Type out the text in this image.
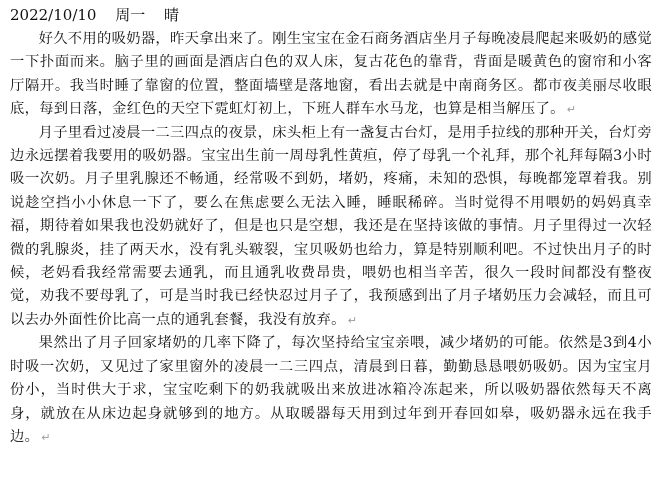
2022/10/10 周一 晴

好久不用的吸奶器，昨天拿出来了。刚生宝宝在金石商务酒店坐月子每晚凌晨爬起来吸奶的感觉一下扑面而来。脑子里的画面是酒店白色的双人床，复古花色的靠背，背面是暖黄色的窗帘和小客厅隔开。我当时睡了靠窗的位置，整面墙壁是落地窗，看出去就是中南商务区。都市夜美丽尽收眼底，每到日落，金红色的天空下霓虹灯初上，下班人群车水马龙，也算是相当解压了。 ↵

月子里看过凌晨一二三四点的夜景，床头柜上有一盏复古台灯，是用手拉线的那种开关，台灯旁边永远摆着我要用的吸奶器。宝宝出生前一周母乳性黄疸，停了母乳一个礼拜，那个礼拜每隔3小时吸一次奶。月子里乳腺还不畅通，经常吸不到奶，堵奶，疼痛，未知的恐惧，每晚都笼罩着我。别说趁空挡小小休息一下了，要么在焦虑要么无法入睡，睡眠稀碎。当时觉得不用喂奶的妈妈真幸福，期待着如果我也没奶就好了，但是也只是空想，我还是在坚持该做的事情。月子里得过一次轻微的乳腺炎，挂了两天水，没有乳头皲裂，宝贝吸奶也给力，算是特别顺利吧。不过快出月子的时候，老妈看我经常需要去通乳，而且通乳收费昂贵，喂奶也相当辛苦，很久一段时间都没有整夜觉，劝我不要母乳了，可是当时我已经快忍过月子了，我预感到出了月子堵奶压力会减轻，而且可以去办外面性价比高一点的通乳套餐，我没有放弃。 ↵

果然出了月子回家堵奶的几率下降了，每次坚持给宝宝亲喂，减少堵奶的可能。依然是3到4小时吸一次奶，又见过了家里窗外的凌晨一二三四点，清晨到日暮，勤勤恳恳喂奶吸奶。因为宝宝月份小，当时供大于求，宝宝吃剩下的奶我就吸出来放进冰箱冷冻起来，所以吸奶器依然每天不离身，就放在从床边起身就够到的地方。从取暖器每天用到过年到开春回如皋，吸奶器永远在我手边。 ↵
